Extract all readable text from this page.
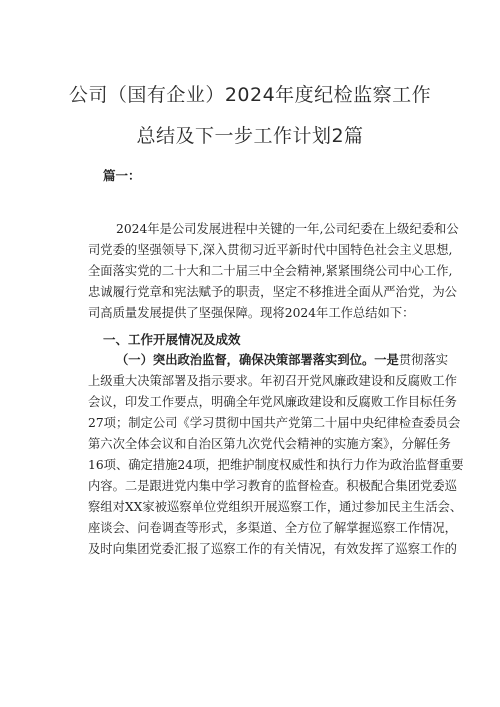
公司（国有企业）2024年度纪检监察工作
总结及下一步工作计划2篇
篇一：
2024年是公司发展进程中关键的一年,公司纪委在上级纪委和公
司党委的坚强领导下,深入贯彻习近平新时代中国特色社会主义思想,
全面落实党的二十大和二十届三中全会精神,紧紧围绕公司中心工作,
忠诚履行党章和宪法赋予的职责，坚定不移推进全面从严治党，为公
司高质量发展提供了坚强保障。现将2024年工作总结如下：
一、工作开展情况及成效
（一）突出政治监督，确保决策部署落实到位。一是贯彻落实
上级重大决策部署及指示要求。年初召开党风廉政建设和反腐败工作
会议，印发工作要点，明确全年党风廉政建设和反腐败工作目标任务
27项；制定公司《学习贯彻中国共产党第二十届中央纪律检查委员会
第六次全体会议和自治区第九次党代会精神的实施方案》，分解任务
16项、确定措施24项，把维护制度权威性和执行力作为政治监督重要
内容。二是跟进党内集中学习教育的监督检查。积极配合集团党委巡
察组对XX家被巡察单位党组织开展巡察工作，通过参加民主生活会、
座谈会、问卷调查等形式，多渠道、全方位了解掌握巡察工作情况，
及时向集团党委汇报了巡察工作的有关情况，有效发挥了巡察工作的
